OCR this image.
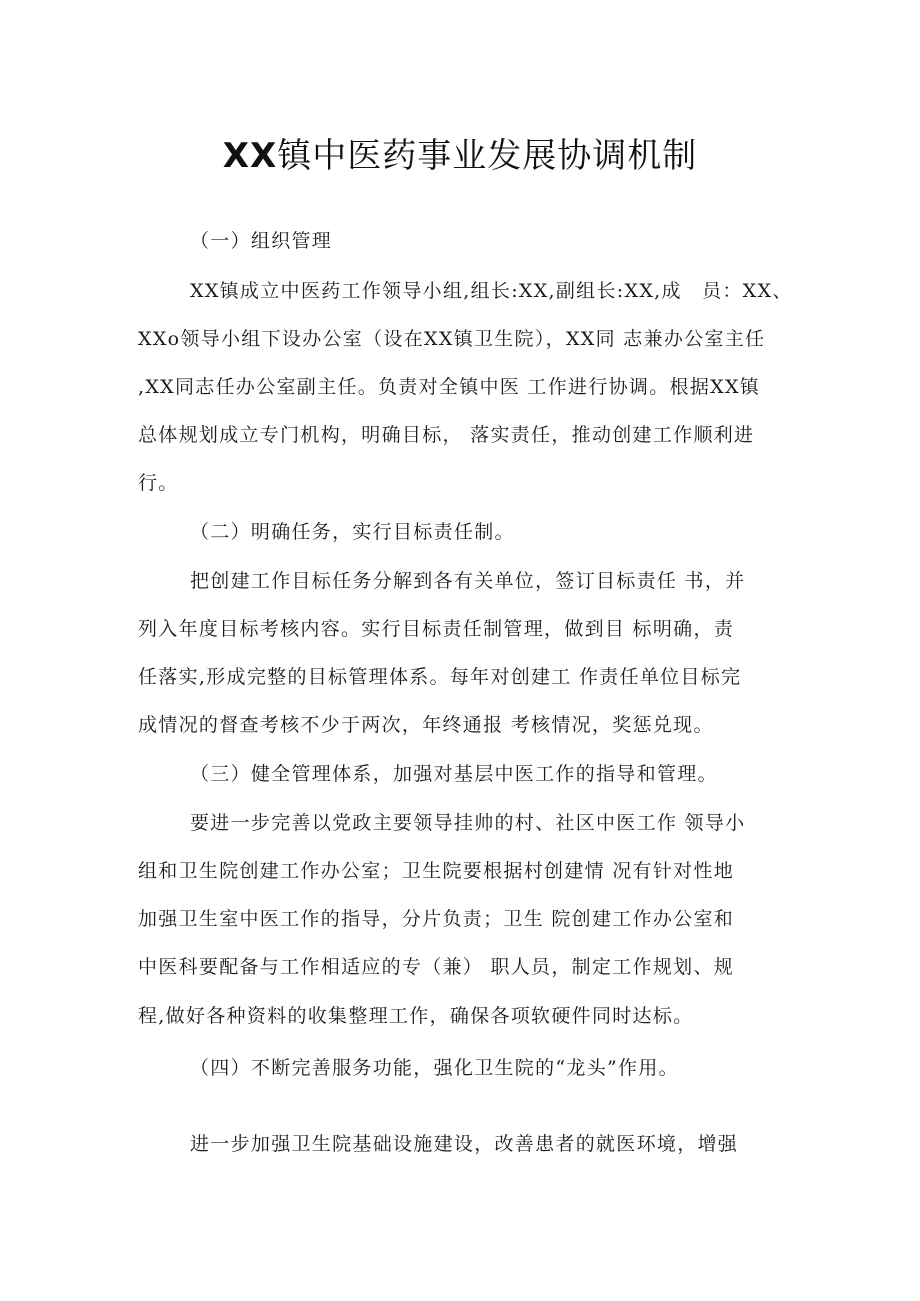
XX镇中医药事业发展协调机制
（一）组织管理
XX镇成立中医药工作领导小组,组长:XX,副组长:XX,成　员：XX、
XXo领导小组下设办公室（设在XX镇卫生院），XX同 志兼办公室主任
,XX同志任办公室副主任。负责对全镇中医 工作进行协调。根据XX镇
总体规划成立专门机构，明确目标， 落实责任，推动创建工作顺利进
行。
（二）明确任务，实行目标责任制。
把创建工作目标任务分解到各有关单位，签订目标责任 书，并
列入年度目标考核内容。实行目标责任制管理，做到目 标明确，责
任落实,形成完整的目标管理体系。每年对创建工 作责任单位目标完
成情况的督查考核不少于两次，年终通报 考核情况，奖惩兑现。
（三）健全管理体系，加强对基层中医工作的指导和管理。
要进一步完善以党政主要领导挂帅的村、社区中医工作 领导小
组和卫生院创建工作办公室；卫生院要根据村创建情 况有针对性地
加强卫生室中医工作的指导，分片负责；卫生 院创建工作办公室和
中医科要配备与工作相适应的专（兼） 职人员，制定工作规划、规
程,做好各种资料的收集整理工作，确保各项软硬件同时达标。
（四）不断完善服务功能，强化卫生院的“龙头”作用。
进一步加强卫生院基础设施建设，改善患者的就医环境，增强
